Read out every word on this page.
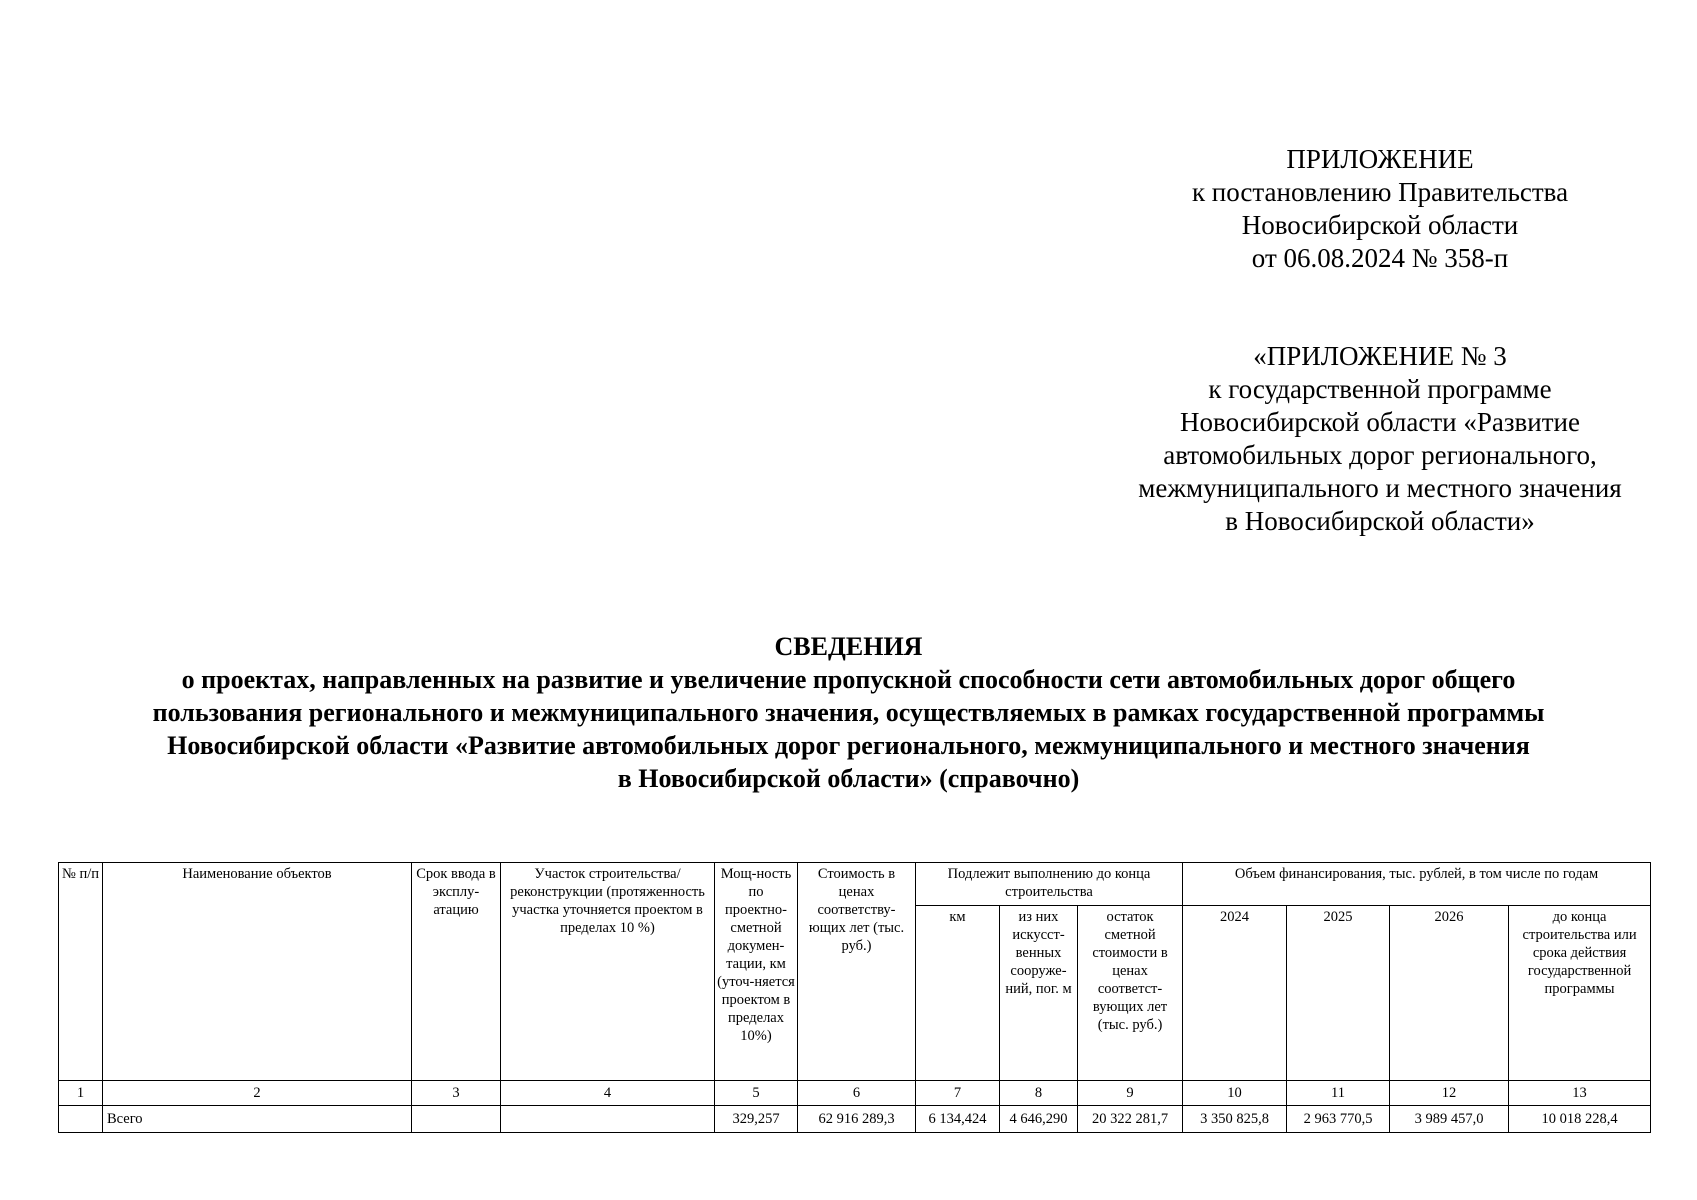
ПРИЛОЖЕНИЕ
к постановлению Правительства
Новосибирской области
от 06.08.2024 № 358-п
«ПРИЛОЖЕНИЕ № 3
к государственной программе
Новосибирской области «Развитие
автомобильных дорог регионального,
межмуниципального и местного значения
в Новосибирской области»
СВЕДЕНИЯ
о проектах, направленных на развитие и увеличение пропускной способности сети автомобильных дорог общего
пользования регионального и межмуниципального значения, осуществляемых в рамках государственной программы
Новосибирской области «Развитие автомобильных дорог регионального, межмуниципального и местного значения
в Новосибирской области» (справочно)
№ п/п	Наименование объектов	Срок ввода в эксплу-атацию	Участок строительства/ реконструкции (протяженность участка уточняется проектом в пределах 10 %)	Мощ-ность по проектно-сметной докумен-тации, км (уточ-няется проектом в пределах 10%)	Стоимость в ценах соответству-ющих лет (тыс. руб.)	Подлежит выполнению до конца строительства			Объем финансирования, тыс. рублей, в том числе по годам			
						км	из них искусст-венных сооруже-ний, пог. м	остаток сметной стоимости в ценах соответст-вующих лет (тыс. руб.)	2024	2025	2026	до конца строительства или срока действия государственной программы
1	2	3	4	5	6	7	8	9	10	11	12	13
	Всего			329,257	62 916 289,3	6 134,424	4 646,290	20 322 281,7	3 350 825,8	2 963 770,5	3 989 457,0	10 018 228,4
